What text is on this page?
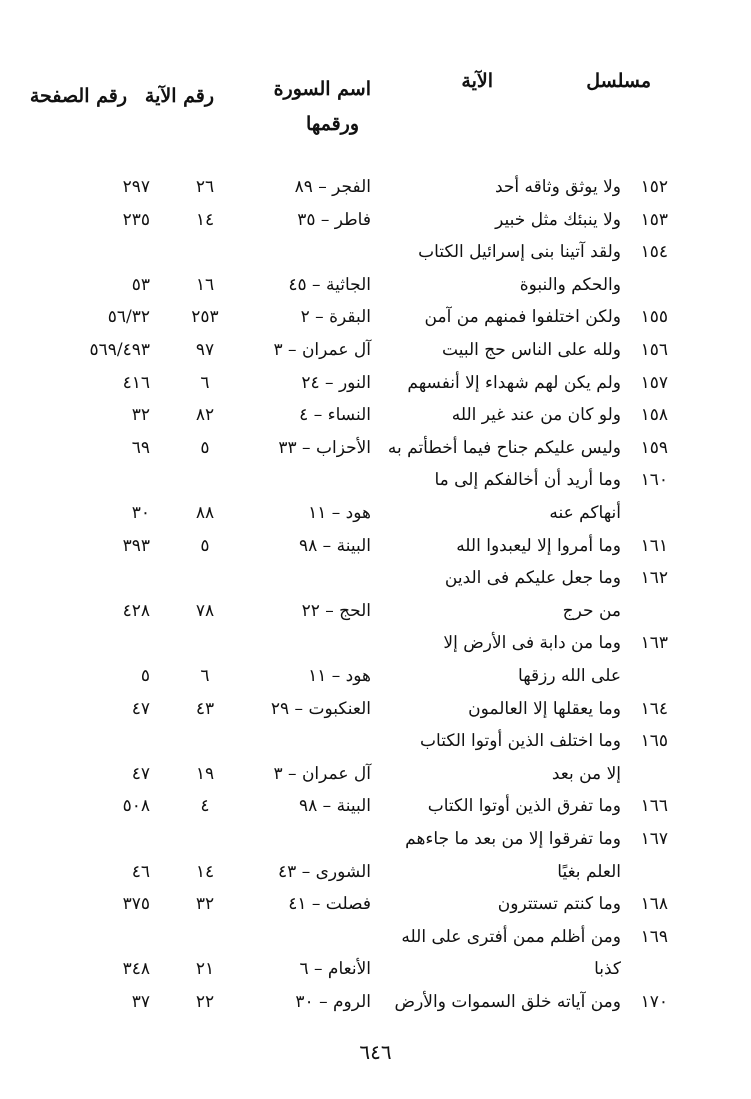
مسلسل
الآية
اسم السورة
ورقمها
رقم الآية
رقم الصفحة
١٥٢
ولا يوثق وثاقه أحد
الفجر – ٨٩
٢٦
٢٩٧
١٥٣
ولا ينبئك مثل خبير
فاطر – ٣٥
١٤
٢٣٥
١٥٤
ولقد آتينا بنى إسرائيل الكتاب
والحكم والنبوة
الجاثية – ٤٥
١٦
٥٣
١٥٥
ولكن اختلفوا فمنهم من آمن
البقرة – ٢
٢٥٣
٥٦/٣٢
١٥٦
ولله على الناس حج البيت
آل عمران – ٣
٩٧
٥٦٩/٤٩٣
١٥٧
ولم يكن لهم شهداء إلا أنفسهم
النور – ٢٤
٦
٤١٦
١٥٨
ولو كان من عند غير الله
النساء – ٤
٨٢
٣٢
١٥٩
وليس عليكم جناح فيما أخطأتم به
الأحزاب – ٣٣
٥
٦٩
١٦٠
وما أريد أن أخالفكم إلى ما
أنهاكم عنه
هود – ١١
٨٨
٣٠
١٦١
وما أمروا إلا ليعبدوا الله
البينة – ٩٨
٥
٣٩٣
١٦٢
وما جعل عليكم فى الدين
من حرج
الحج – ٢٢
٧٨
٤٢٨
١٦٣
وما من دابة فى الأرض إلا
على الله رزقها
هود – ١١
٦
٥
١٦٤
وما يعقلها إلا العالمون
العنكبوت – ٢٩
٤٣
٤٧
١٦٥
وما اختلف الذين أوتوا الكتاب
إلا من بعد
آل عمران – ٣
١٩
٤٧
١٦٦
وما تفرق الذين أوتوا الكتاب
البينة – ٩٨
٤
٥٠٨
١٦٧
وما تفرقوا إلا من بعد ما جاءهم
العلم بغيًا
الشورى – ٤٣
١٤
٤٦
١٦٨
وما كنتم تستترون
فصلت – ٤١
٣٢
٣٧٥
١٦٩
ومن أظلم ممن أفترى على الله
كذبا
الأنعام – ٦
٢١
٣٤٨
١٧٠
ومن آياته خلق السموات والأرض
الروم – ٣٠
٢٢
٣٧
٦٤٦
